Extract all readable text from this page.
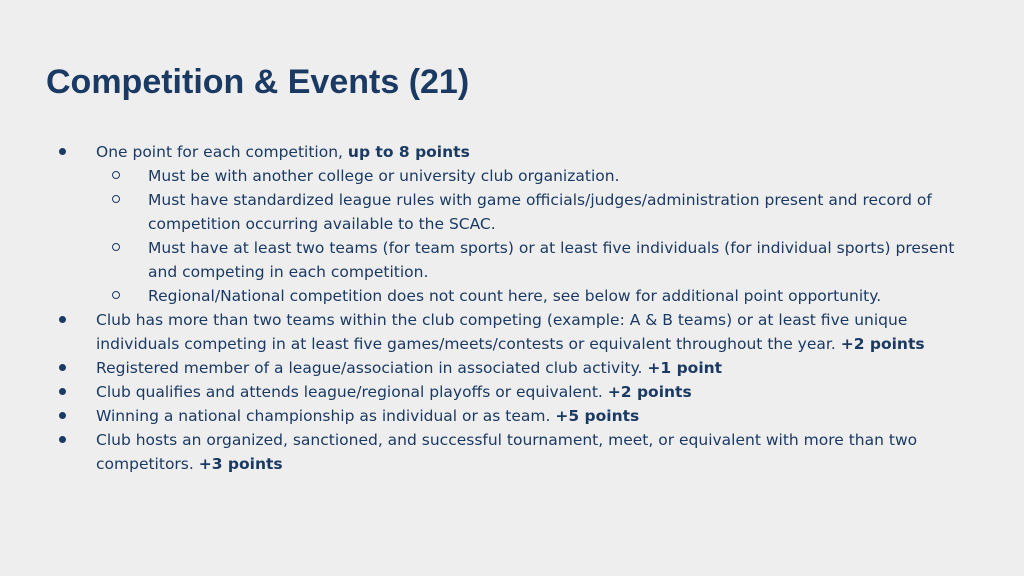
Competition & Events (21)
One point for each competition, up to 8 points
Must be with another college or university club organization.
Must have standardized league rules with game officials/judges/administration present and record of competition occurring available to the SCAC.
Must have at least two teams (for team sports) or at least five individuals (for individual sports) present and competing in each competition.
Regional/National competition does not count here, see below for additional point opportunity.
Club has more than two teams within the club competing (example: A & B teams) or at least five unique individuals competing in at least five games/meets/contests or equivalent throughout the year. +2 points
Registered member of a league/association in associated club activity. +1 point
Club qualifies and attends league/regional playoffs or equivalent. +2 points
Winning a national championship as individual or as team. +5 points
Club hosts an organized, sanctioned, and successful tournament, meet, or equivalent with more than two competitors. +3 points
